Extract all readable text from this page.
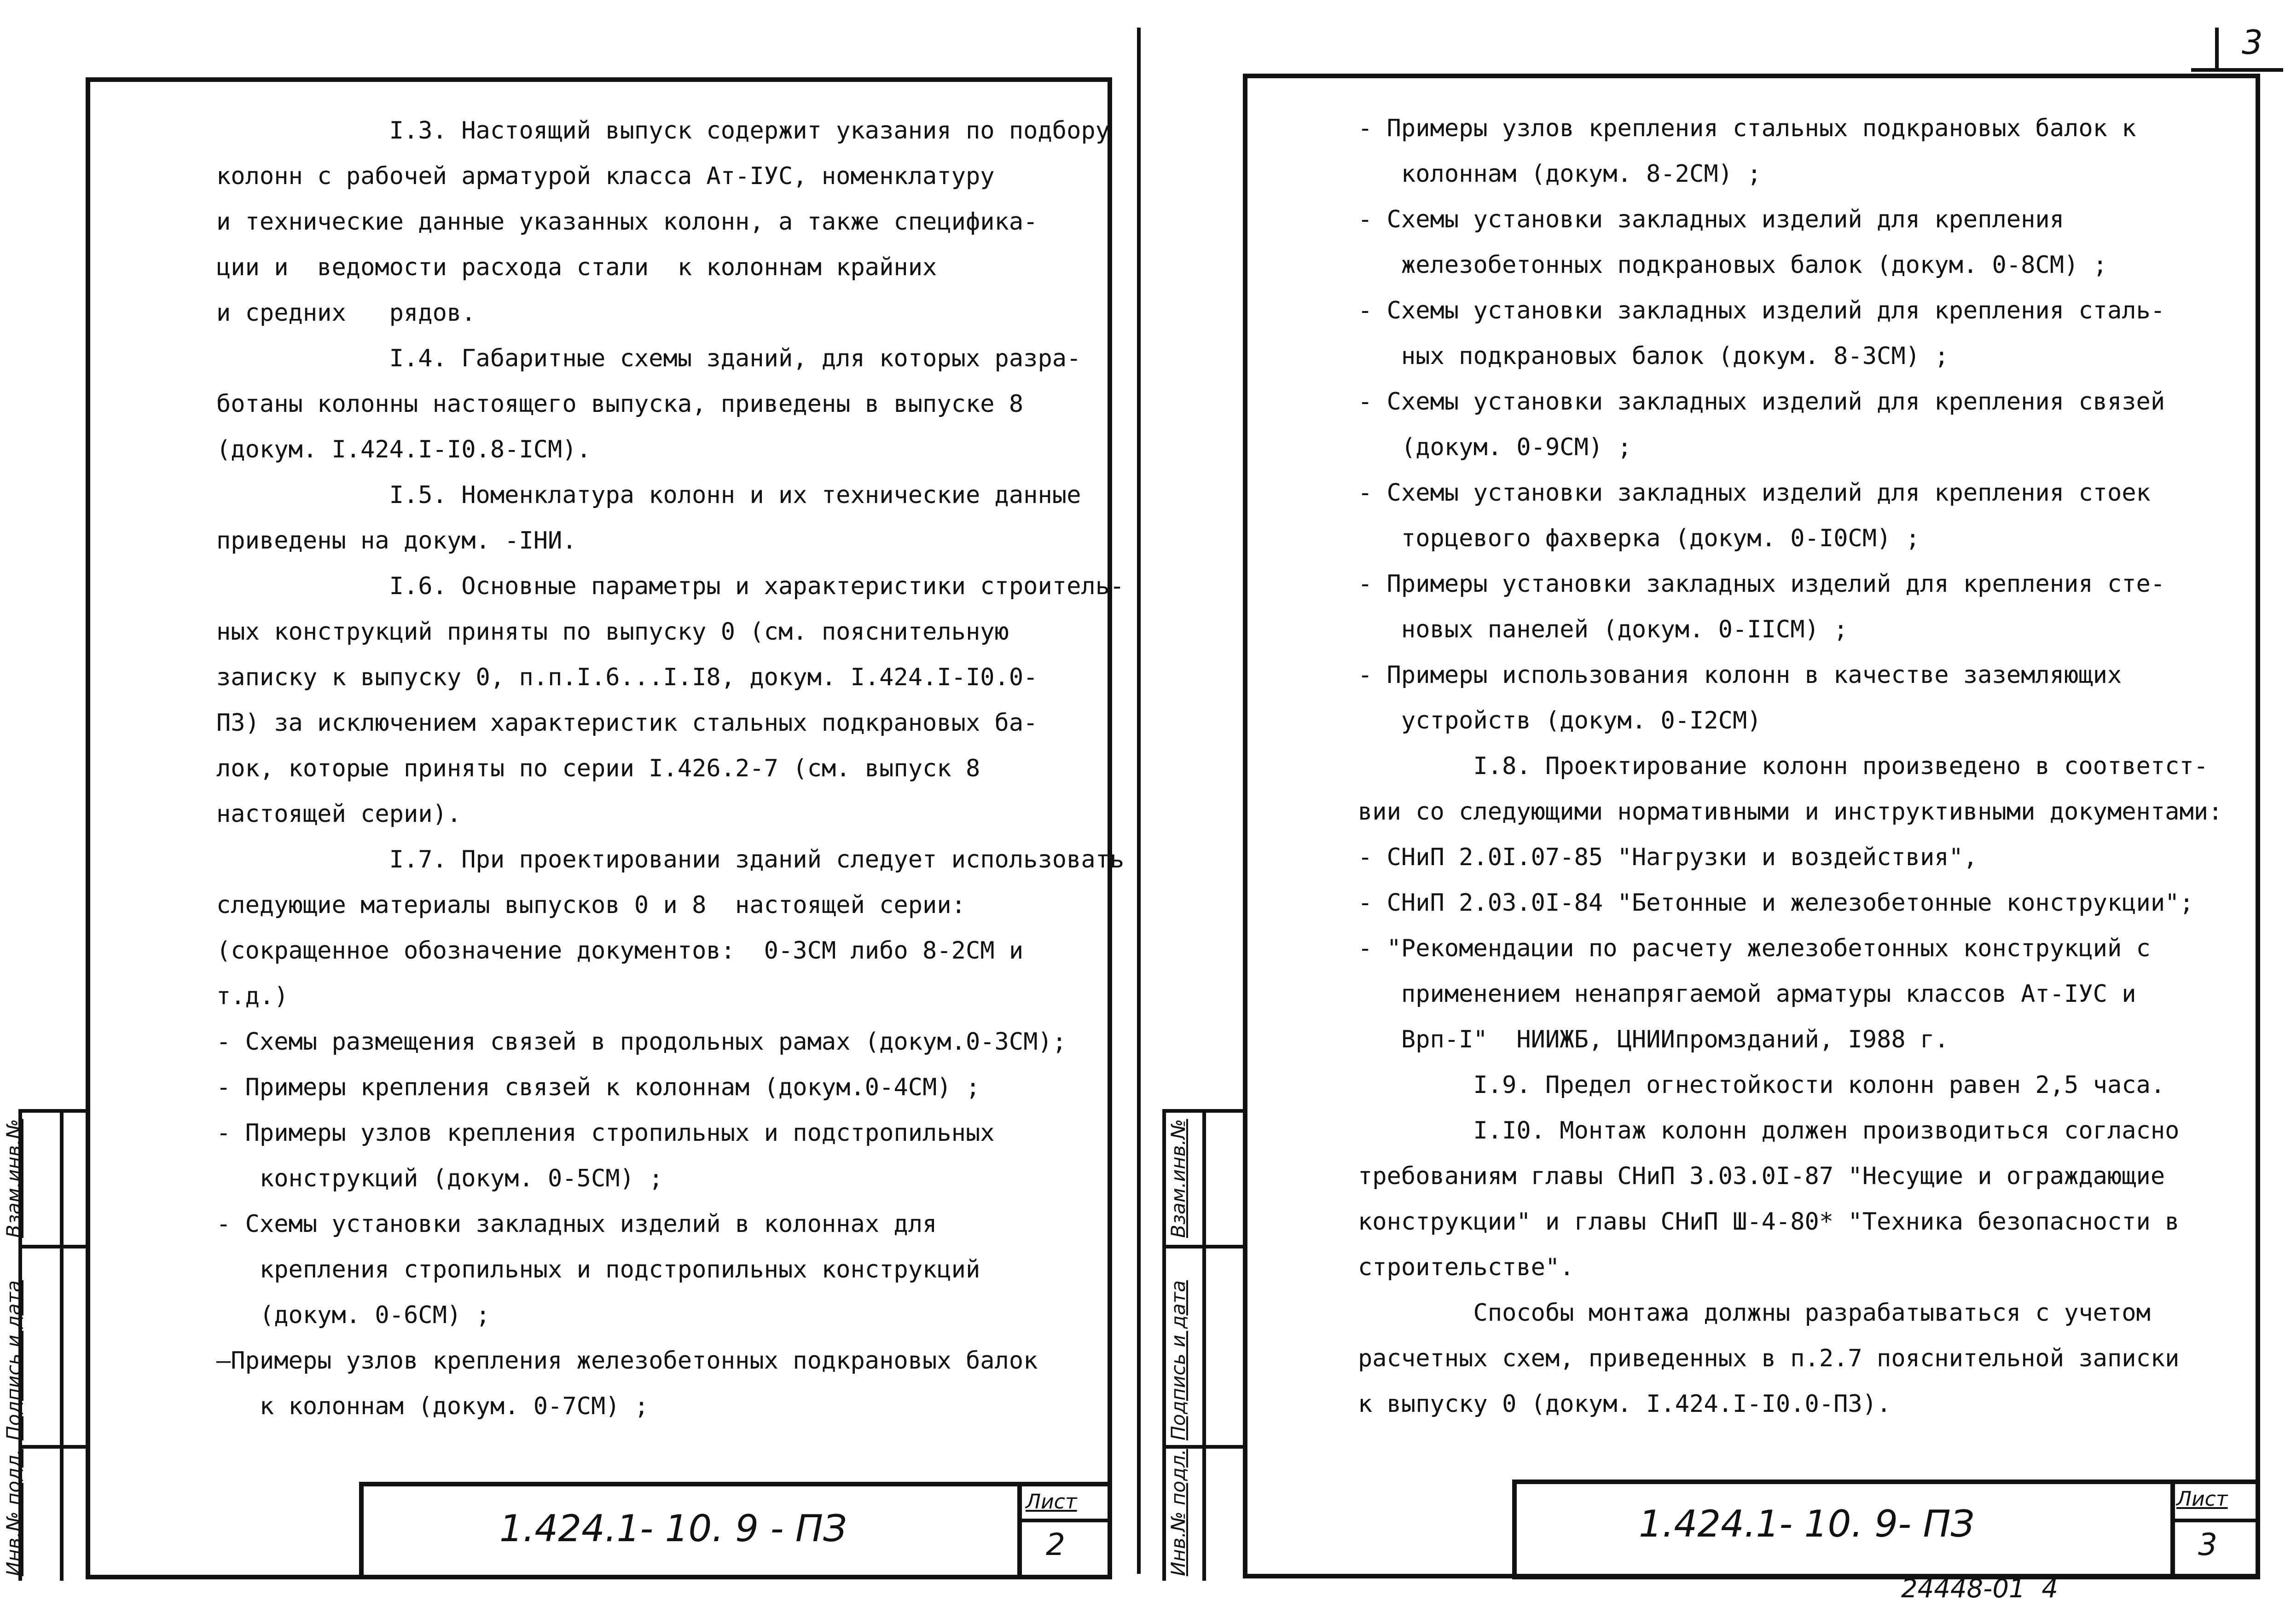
I.3. Настоящий выпуск содержит указания по подбору
колонн с рабочей арматурой класса Ат-IУС, номенклатуру
и технические данные указанных колонн, а также специфика-
ции и  ведомости расхода стали  к колоннам крайних
и средних   рядов.
I.4. Габаритные схемы зданий, для которых разра-
ботаны колонны настоящего выпуска, приведены в выпуске 8
(докум. I.424.I-I0.8-ICM).
I.5. Номенклатура колонн и их технические данные
приведены на докум. -IНИ.
I.6. Основные параметры и характеристики строитель-
ных конструкций приняты по выпуску 0 (см. пояснительную
записку к выпуску 0, п.п.I.6...I.I8, докум. I.424.I-I0.0-
ПЗ) за исключением характеристик стальных подкрановых ба-
лок, которые приняты по серии I.426.2-7 (см. выпуск 8
настоящей серии).
I.7. При проектировании зданий следует использовать
следующие материалы выпусков 0 и 8  настоящей серии:
(сокращенное обозначение документов:  0-3СМ либо 8-2СМ и
т.д.)
- Схемы размещения связей в продольных рамах (докум.0-3СМ);
- Примеры крепления связей к колоннам (докум.0-4СМ) ;
- Примеры узлов крепления стропильных и подстропильных
конструкций (докум. 0-5СМ) ;
- Схемы установки закладных изделий в колоннах для
крепления стропильных и подстропильных конструкций
(докум. 0-6СМ) ;
—Примеры узлов крепления железобетонных подкрановых балок
к колоннам (докум. 0-7СМ) ;
Инв.№ подл.
Подпись и дата
Взам.инв.№
1.424.1- 10. 9 - ПЗ
Лист
2
3
- Примеры узлов крепления стальных подкрановых балок к
колоннам (докум. 8-2СМ) ;
- Схемы установки закладных изделий для крепления
железобетонных подкрановых балок (докум. 0-8СМ) ;
- Схемы установки закладных изделий для крепления сталь-
ных подкрановых балок (докум. 8-3СМ) ;
- Схемы установки закладных изделий для крепления связей
(докум. 0-9СМ) ;
- Схемы установки закладных изделий для крепления стоек
торцевого фахверка (докум. 0-I0СМ) ;
- Примеры установки закладных изделий для крепления сте-
новых панелей (докум. 0-IIСМ) ;
- Примеры использования колонн в качестве заземляющих
устройств (докум. 0-I2СМ)
I.8. Проектирование колонн произведено в соответст-
вии со следующими нормативными и инструктивными документами:
- СНиП 2.0I.07-85 "Нагрузки и воздействия",
- СНиП 2.03.0I-84 "Бетонные и железобетонные конструкции";
- "Рекомендации по расчету железобетонных конструкций с
применением ненапрягаемой арматуры классов Ат-IУС и
Врп-I"  НИИЖБ, ЦНИИпромзданий, I988 г.
I.9. Предел огнестойкости колонн равен 2,5 часа.
I.I0. Монтаж колонн должен производиться согласно
требованиям главы СНиП 3.03.0I-87 "Несущие и ограждающие
конструкции" и главы СНиП Ш-4-80* "Техника безопасности в
строительстве".
Способы монтажа должны разрабатываться с учетом
расчетных схем, приведенных в п.2.7 пояснительной записки
к выпуску 0 (докум. I.424.I-I0.0-ПЗ).
Инв.№ подл.
Подпись и дата
Взам.инв.№
1.424.1- 10. 9- ПЗ
Лист
3
24448-01  4
